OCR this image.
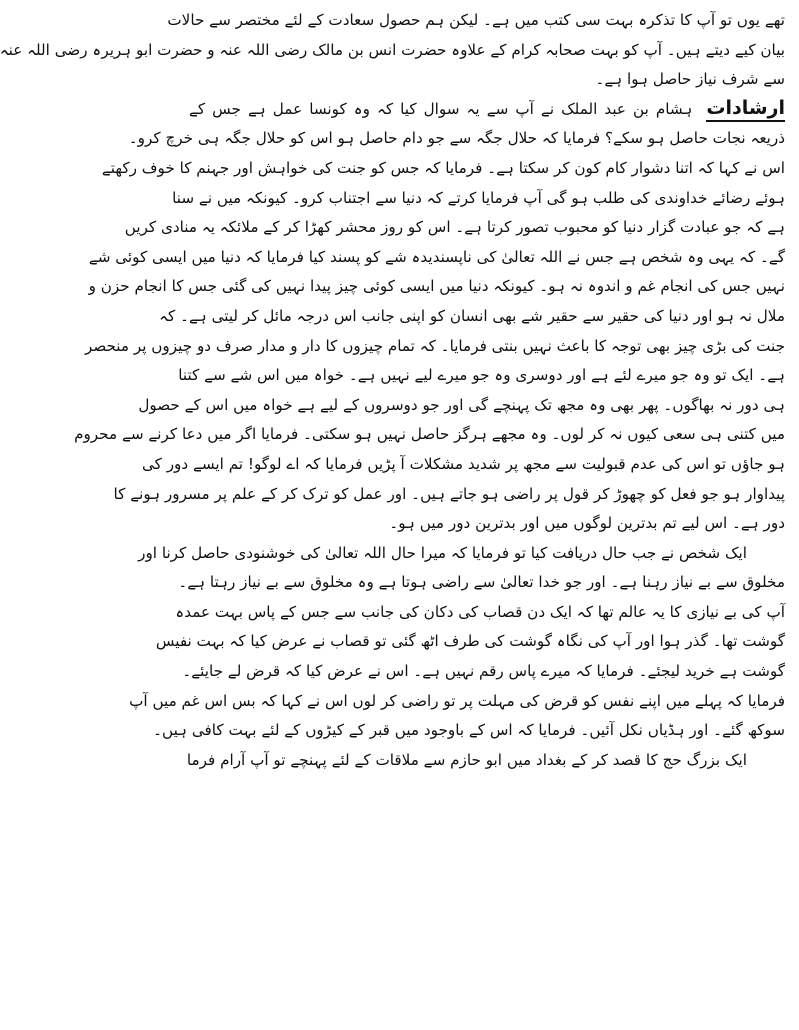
تھے یوں تو آپ کا تذکرہ بہت سی کتب میں ہے۔ لیکن ہم حصول سعادت کے لئے مختصر سے حالات
بیان کیے دیتے ہیں۔ آپ کو بہت صحابہ کرام کے علاوہ حضرت انس بن مالک رضی اللہ عنہ و حضرت ابو ہریرہ رضی اللہ عنہ
سے شرف نیاز حاصل ہوا ہے۔
ارشاداتہشام بن عبد الملک نے آپ سے یہ سوال کیا کہ وہ کونسا عمل ہے جس کے
ذریعہ نجات حاصل ہو سکے؟ فرمایا کہ حلال جگہ سے جو دام حاصل ہو اس کو حلال جگہ ہی خرچ کرو۔
اس نے کہا کہ اتنا دشوار کام کون کر سکتا ہے۔ فرمایا کہ جس کو جنت کی خواہش اور جہنم کا خوف رکھتے
ہوئے رضائے خداوندی کی طلب ہو گی آپ فرمایا کرتے کہ دنیا سے اجتناب کرو۔ کیونکہ میں نے سنا
ہے کہ جو عبادت گزار دنیا کو محبوب تصور کرتا ہے۔ اس کو روز محشر کھڑا کر کے ملائکہ یہ منادی کریں
گے۔ کہ یہی وہ شخص ہے جس نے اللہ تعالیٰ کی ناپسندیدہ شے کو پسند کیا فرمایا کہ دنیا میں ایسی کوئی شے
نہیں جس کی انجام غم و اندوہ نہ ہو۔ کیونکہ دنیا میں ایسی کوئی چیز پیدا نہیں کی گئی جس کا انجام حزن و
ملال نہ ہو اور دنیا کی حقیر سے حقیر شے بھی انسان کو اپنی جانب اس درجہ مائل کر لیتی ہے۔ کہ
جنت کی بڑی چیز بھی توجہ کا باعث نہیں بنتی فرمایا۔ کہ تمام چیزوں کا دار و مدار صرف دو چیزوں پر منحصر
ہے۔ ایک تو وہ جو میرے لئے ہے اور دوسری وہ جو میرے لیے نہیں ہے۔ خواہ میں اس شے سے کتنا
ہی دور نہ بھاگوں۔ پھر بھی وہ مجھ تک پہنچے گی اور جو دوسروں کے لیے ہے خواہ میں اس کے حصول
میں کتنی ہی سعی کیوں نہ کر لوں۔ وہ مجھے ہرگز حاصل نہیں ہو سکتی۔ فرمایا اگر میں دعا کرنے سے محروم
ہو جاؤں تو اس کی عدم قبولیت سے مجھ پر شدید مشکلات آ پڑیں فرمایا کہ اے لوگو! تم ایسے دور کی
پیداوار ہو جو فعل کو چھوڑ کر قول پر راضی ہو جاتے ہیں۔ اور عمل کو ترک کر کے علم پر مسرور ہونے کا
دور ہے۔ اس لیے تم بدترین لوگوں میں اور بدترین دور میں ہو۔
ایک شخص نے جب حال دریافت کیا تو فرمایا کہ میرا حال اللہ تعالیٰ کی خوشنودی حاصل کرنا اور
مخلوق سے بے نیاز رہنا ہے۔ اور جو خدا تعالیٰ سے راضی ہوتا ہے وہ مخلوق سے بے نیاز رہتا ہے۔
آپ کی بے نیازی کا یہ عالم تھا کہ ایک دن قصاب کی دکان کی جانب سے جس کے پاس بہت عمدہ
گوشت تھا۔ گذر ہوا اور آپ کی نگاہ گوشت کی طرف اٹھ گئی تو قصاب نے عرض کیا کہ بہت نفیس
گوشت ہے خرید لیجئے۔ فرمایا کہ میرے پاس رقم نہیں ہے۔ اس نے عرض کیا کہ قرض لے جایئے۔
فرمایا کہ پہلے میں اپنے نفس کو قرض کی مہلت پر تو راضی کر لوں اس نے کہا کہ بس اس غم میں آپ
سوکھ گئے۔ اور ہڈیاں نکل آئیں۔ فرمایا کہ اس کے باوجود میں قبر کے کیڑوں کے لئے بہت کافی ہیں۔
ایک بزرگ حج کا قصد کر کے بغداد میں ابو حازم سے ملاقات کے لئے پہنچے تو آپ آرام فرما
